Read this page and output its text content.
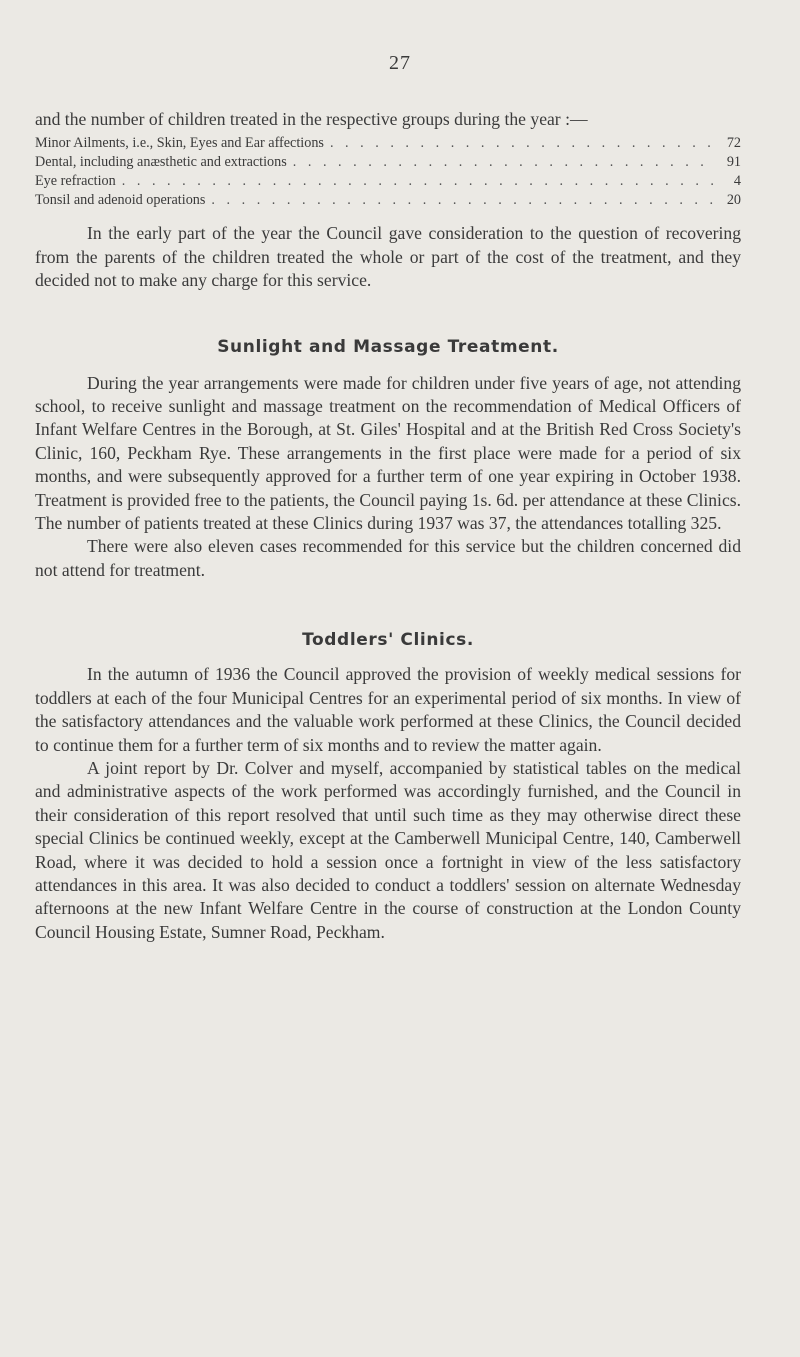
27

and the number of children treated in the respective groups during the year :—

Minor Ailments, i.e., Skin, Eyes and Ear affections . . .	72
Dental, including anæsthetic and extractions . . .	91
Eye refraction . . .	4
Tonsil and adenoid operations . . .	20

In the early part of the year the Council gave consideration to the question of recovering from the parents of the children treated the whole or part of the cost of the treatment, and they decided not to make any charge for this service.

Sunlight and Massage Treatment.

During the year arrangements were made for children under five years of age, not attending school, to receive sunlight and massage treatment on the recommendation of Medical Officers of Infant Welfare Centres in the Borough, at St. Giles' Hospital and at the British Red Cross Society's Clinic, 160, Peckham Rye. These arrangements in the first place were made for a period of six months, and were subsequently approved for a further term of one year expiring in October 1938. Treatment is provided free to the patients, the Council paying 1s. 6d. per attendance at these Clinics. The number of patients treated at these Clinics during 1937 was 37, the attendances totalling 325.

There were also eleven cases recommended for this service but the children concerned did not attend for treatment.

Toddlers' Clinics.

In the autumn of 1936 the Council approved the provision of weekly medical sessions for toddlers at each of the four Municipal Centres for an experimental period of six months. In view of the satisfactory attendances and the valuable work performed at these Clinics, the Council decided to continue them for a further term of six months and to review the matter again.

A joint report by Dr. Colver and myself, accompanied by statistical tables on the medical and administrative aspects of the work performed was accordingly furnished, and the Council in their consideration of this report resolved that until such time as they may otherwise direct these special Clinics be continued weekly, except at the Camberwell Municipal Centre, 140, Camberwell Road, where it was decided to hold a session once a fortnight in view of the less satisfactory attendances in this area. It was also decided to conduct a toddlers' session on alternate Wednesday afternoons at the new Infant Welfare Centre in the course of construction at the London County Council Housing Estate, Sumner Road, Peckham.
